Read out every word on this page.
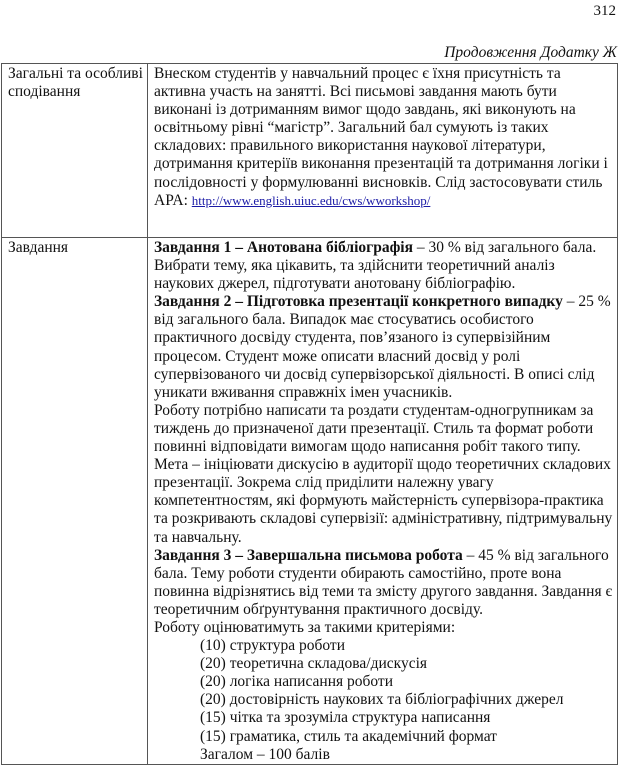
312
Продовження Додатку Ж
Загальні та особливі сподівання	Внеском студентів у навчальний процес є їхня присутність та активна участь на занятті. Всі письмові завдання мають бути виконані із дотриманням вимог щодо завдань, які виконують на освітньому рівні “магістр”. Загальний бал сумують із таких складових: правильного використання наукової літератури, дотримання критеріїв виконання презентацій та дотримання логіки і послідовності у формулюванні висновків. Слід застосовувати стиль APA: http://www.english.uiuc.edu/cws/wworkshop/
Завдання	Завдання 1 – Анотована бібліографія – 30 % від загального бала. Вибрати тему, яка цікавить, та здійснити теоретичний аналіз наукових джерел, підготувати анотовану бібліографію.
Завдання 2 – Підготовка презентації конкретного випадку – 25 % від загального бала. Випадок має стосуватись особистого практичного досвіду студента, пов’язаного із супервізійним процесом. Студент може описати власний досвід у ролі супервізованого чи досвід супервізорської діяльності. В описі слід уникати вживання справжніх імен учасників.
Роботу потрібно написати та роздати студентам-одногрупникам за тиждень до призначеної дати презентації. Стиль та формат роботи повинні відповідати вимогам щодо написання робіт такого типу.
Мета – ініціювати дискусію в аудиторії щодо теоретичних складових презентації. Зокрема слід приділити належну увагу компетентностям, які формують майстерність супервізора-практика та розкривають складові супервізії: адміністративну, підтримувальну та навчальну.
Завдання 3 – Завершальна письмова робота – 45 % від загального бала. Тему роботи студенти обирають самостійно, проте вона повинна відрізнятись від теми та змісту другого завдання. Завдання є теоретичним обґрунтування практичного досвіду.
Роботу оцінюватимуть за такими критеріями:
(10) структура роботи
(20) теоретична складова/дискусія
(20) логіка написання роботи
(20) достовірність наукових та бібліографічних джерел
(15) чітка та зрозуміла структура написання
(15) граматика, стиль та академічний формат
Загалом – 100 балів
